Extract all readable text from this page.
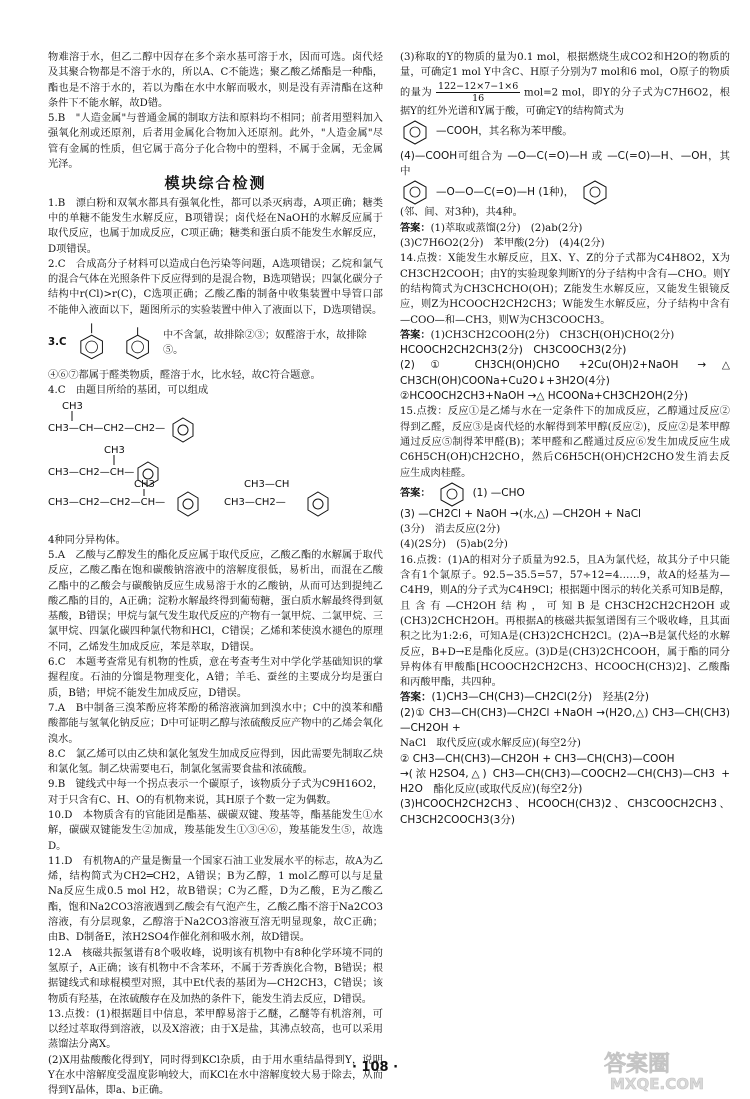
物难溶于水，但乙二醇中因存在多个亲水基可溶于水，因而可选。卤代烃及其聚合物都是不溶于水的，所以A、C不能选；聚乙酸乙烯酯是一种酯，酯也是不溶于水的，若以为酯在水中水解而吸水，则是没有弄清酯在这种条件下不能水解，故D错。

5.B　"人造金属"与普通金属的制取方法和原料均不相同；前者用塑料加入强氧化剂或还原剂，后者用金属化合物加入还原剂。此外，"人造金属"尽管有金属的性质，但它属于高分子化合物中的塑料，不属于金属，无金属光泽。

模块综合检测

1.B　漂白粉和双氧水都具有强氧化性，都可以杀灭病毒，A项正确；糖类中的单糖不能发生水解反应，B项错误；卤代烃在NaOH的水解反应属于取代反应，也属于加成反应，C项正确；糖类和蛋白质不能发生水解反应，D项错误。

2.C　合成高分子材料可以造成白色污染等问题，A选项错误；乙烷和氯气的混合气体在光照条件下反应得到的是混合物，B选项错误；四氯化碳分子结构中r(Cl)>r(C)，C选项正确；乙酸乙酯的制备中收集装置中导管口部不能伸入液面以下，题图所示的实验装置中伸入了液面以下，D选项错误。

3.C
中不含氯，故排除②③；奴醛溶于水，故排除⑤。

④⑥⑦都属于醛类物质，醛溶于水，比水轻，故C符合题意。

4.C　由题目所给的基团，可以组成

CH3
CH3—CH—CH2—CH2—
CH3
CH3—CH2—CH—
CH3—CH2—CH2—CH—
CH3	CH3—CH
CH3—CH2—

4种同分异构体。

5.A　乙酸与乙醇发生的酯化反应属于取代反应，乙酸乙酯的水解属于取代反应，乙酸乙酯在饱和碳酸钠溶液中的溶解度很低，易析出，而混在乙酸乙酯中的乙酸会与碳酸钠反应生成易溶于水的乙酸钠，从而可达到提纯乙酸乙酯的目的，A正确；淀粉水解最终得到葡萄糖，蛋白质水解最终得到氨基酸，B错误；甲烷与氯气发生取代反应的产物有一氯甲烷、二氯甲烷、三氯甲烷、四氯化碳四种氯代物和HCl，C错误；乙烯和苯使溴水褪色的原理不同，乙烯发生加成反应，苯是萃取，D错误。

6.C　本题考查常见有机物的性质，意在考查考生对中学化学基础知识的掌握程度。石油的分馏是物理变化，A错；羊毛、蚕丝的主要成分均是蛋白质，B错；甲烷不能发生加成反应，D错误。

7.A　B中制备三溴苯酚应将苯酚的稀溶液滴加到溴水中；C中的溴苯和醋酸都能与氢氧化钠反应；D中可证明乙醇与浓硫酸反应产物中的乙烯会氧化溴水。

8.C　氯乙烯可以由乙炔和氯化氢发生加成反应得到，因此需要先制取乙炔和氯化氢。制乙炔需要电石，制氯化氢需要食盐和浓硫酸。

9.B　键线式中每一个拐点表示一个碳原子，该物质分子式为C9H16O2，对于只含有C、H、O的有机物来说，其H原子个数一定为偶数。

10.D　本物质含有的官能团是酯基、碳碳双键、羧基等，酯基能发生①水解，碳碳双键能发生②加成，羧基能发生①③④⑥，羧基能发生⑤，故选D。

11.D　有机物A的产量是衡量一个国家石油工业发展水平的标志，故A为乙烯，结构简式为CH2═CH2，A错误；B为乙醇，1 mol乙醇可以与足量Na反应生成0.5 mol H2，故B错误；C为乙醛，D为乙酸，E为乙酸乙酯，饱和Na2CO3溶液遇到乙酸会有气泡产生，乙酸乙酯不溶于Na2CO3溶液，有分层现象，乙醇溶于Na2CO3溶液互溶无明显现象，故C正确；由B、D制备E，浓H2SO4作催化剂和吸水剂，故D错误。

12.A　核磁共振氢谱有8个吸收峰，说明该有机物中有8种化学环境不同的氢原子，A正确；该有机物中不含苯环，不属于芳香族化合物，B错误；根据键线式和球棍模型对照，其中Et代表的基团为—CH2CH3，C错误；该物质有羟基，在浓硫酸存在及加热的条件下，能发生消去反应，D错误。

13.点拨：(1)根据题目中信息，苯甲醇易溶于乙醚，乙醚等有机溶剂，可以经过萃取得到溶液，以及X溶液；由于X是盐，其沸点较高，也可以采用蒸馏法分离X。

(2)X用盐酸酸化得到Y，同时得到KCl杂质，由于用水重结晶得到Y，说明Y在水中溶解度受温度影响较大，而KCl在水中溶解度较大易于除去，从而得到Y晶体，即a、b正确。

(3)称取的Y的物质的量为0.1 mol，根据燃烧生成CO2和H2O的物质的量，可确定1 mol Y中含C、H原子分别为7 mol和6 mol，O原子的物质的量为 $\frac{122-12\times 7-1\times 6}{16} mol=2$ mol，即Y的分子式为C7H6O2，根据Y的红外光谱和Y属于酸，可确定Y的结构简式为

—COOH，其名称为苯甲酸。

(4)—COOH可组合为 —O—C(=O)—H 或 —C(=O)—H、—OH，其中

—O—O—C(=O)—H (1种)，

(邻、间、对3种)，共4种。

答案：(1)萃取或蒸馏(2分)　(2)ab(2分)

(3)C7H6O2(2分)　苯甲酸(2分)　(4)4(2分)

14.点拨：X能发生水解反应，且X、Y、Z的分子式都为C4H8O2，X为CH3CH2COOH；由Y的实验现象判断Y的分子结构中含有—CHO。则Y的结构简式为CH3CHCHO(OH)；Z能发生水解反应，又能发生银镜反应，则Z为HCOOCH2CH2CH3；W能发生水解反应，分子结构中含有—COO—和—CH3，则W为CH3COOCH3。

答案：(1)CH3CH2COOH(2分)　CH3CH(OH)CHO(2分)

HCOOCH2CH2CH3(2分)　CH3COOCH3(2分)

(2)① CH3CH(OH)CHO +2Cu(OH)2+NaOH →△ CH3CH(OH)COONa+Cu2O↓+3H2O(4分)

②HCOOCH2CH3+NaOH →△ HCOONa+CH3CH2OH(2分)

15.点拨：反应①是乙烯与水在一定条件下的加成反应，乙醇通过反应②得到乙醛，反应③是卤代烃的水解得到苯甲醇(反应②)，反应②是苯甲醇通过反应⑤制得苯甲醛(B)；苯甲醛和乙醛通过反应⑥发生加成反应生成C6H5CH(OH)CH2CHO，然后C6H5CH(OH)CH2CHO发生消去反应生成肉桂醛。

答案：	(1) —CHO

(3) —CH2Cl + NaOH →(水,△) —CH2OH + NaCl

(3分)　消去反应(2分)

(4)(2S分)　(5)ab(2分)

16.点拨：(1)A的相对分子质量为92.5，且A为氯代烃，故其分子中只能含有1个氯原子。92.5−35.5=57，57÷12=4……9，故A的烃基为—C4H9，则A的分子式为C4H9Cl；根据题中图示的转化关系可知B是醇，且含有—CH2OH结构，可知B是CH3CH2CH2CH2OH或(CH3)2CHCH2OH。再根据A的核磁共振氢谱图有三个吸收峰，且其面积之比为1:2:6，可知A是(CH3)2CHCH2Cl。(2)A→B是氯代烃的水解反应，B+D→E是酯化反应。(3)D是(CH3)2CHCOOH，属于酯的同分异构体有甲酸酯[HCOOCH2CH2CH3、HCOOCH(CH3)2]、乙酸酯和丙酸甲酯，共四种。

答案：(1)CH3—CH(CH3)—CH2Cl(2分)　羟基(2分)

(2)① CH3—CH(CH3)—CH2Cl +NaOH →(H2O,△) CH3—CH(CH3)—CH2OH +

NaCl　取代反应(或水解反应)(每空2分)

② CH3—CH(CH3)—CH2OH + CH3—CH(CH3)—COOH

→(浓H2SO4,△) CH3—CH(CH3)—COOCH2—CH(CH3)—CH3 + H2O　酯化反应(或取代反应)(每空2分)

(3)HCOOCH2CH2CH3、HCOOCH(CH3)2、CH3COOCH2CH3、CH3CH2COOCH3(3分)

· 108 ·	答案圈
MXQE.COM
